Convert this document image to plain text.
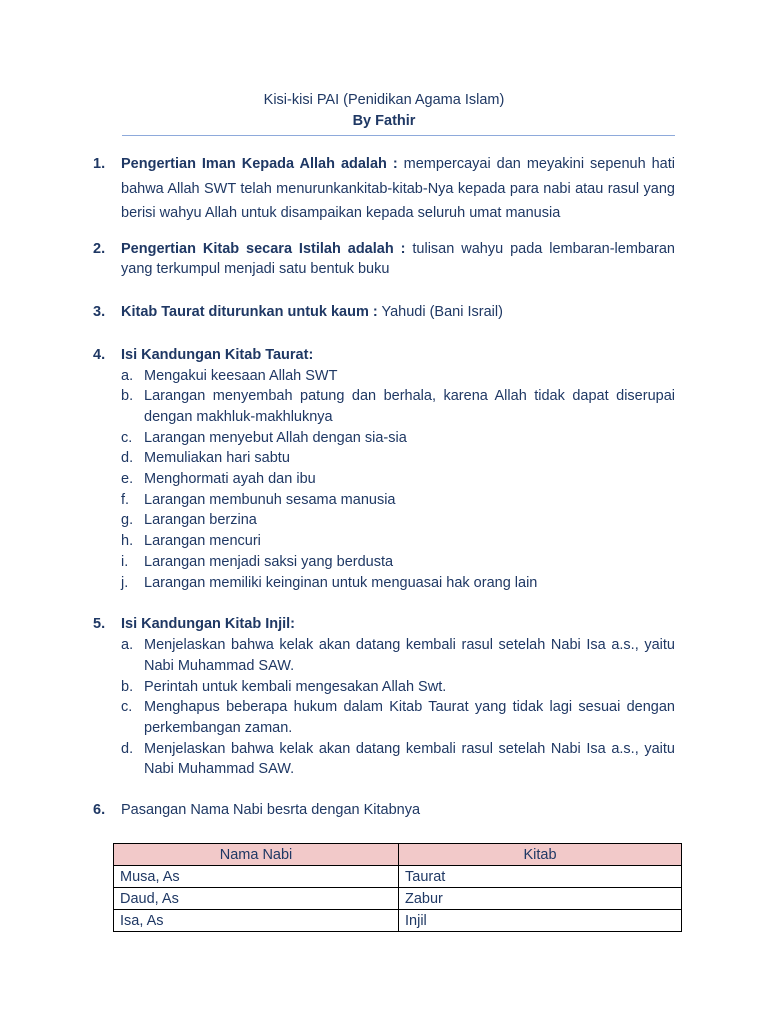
Kisi-kisi PAI (Penidikan Agama Islam)
By Fathir
1. Pengertian Iman Kepada Allah adalah : mempercayai dan meyakini sepenuh hati bahwa Allah SWT telah menurunkankitab-kitab-Nya kepada para nabi atau rasul yang berisi wahyu Allah untuk disampaikan kepada seluruh umat manusia
2. Pengertian Kitab secara Istilah adalah : tulisan wahyu pada lembaran-lembaran yang terkumpul menjadi satu bentuk buku
3. Kitab Taurat diturunkan untuk kaum : Yahudi (Bani Israil)
4. Isi Kandungan Kitab Taurat:
a. Mengakui keesaan Allah SWT
b. Larangan menyembah patung dan berhala, karena Allah tidak dapat diserupai dengan makhluk-makhluknya
c. Larangan menyebut Allah dengan sia-sia
d. Memuliakan hari sabtu
e. Menghormati ayah dan ibu
f. Larangan membunuh sesama manusia
g. Larangan berzina
h. Larangan mencuri
i. Larangan menjadi saksi yang berdusta
j. Larangan memiliki keinginan untuk menguasai hak orang lain
5. Isi Kandungan Kitab Injil:
a. Menjelaskan bahwa kelak akan datang kembali rasul setelah Nabi Isa a.s., yaitu Nabi Muhammad SAW.
b. Perintah untuk kembali mengesakan Allah Swt.
c. Menghapus beberapa hukum dalam Kitab Taurat yang tidak lagi sesuai dengan perkembangan zaman.
d. Menjelaskan bahwa kelak akan datang kembali rasul setelah Nabi Isa a.s., yaitu Nabi Muhammad SAW.
6. Pasangan Nama Nabi besrta dengan Kitabnya
Nama Nabi	Kitab
Musa, As	Taurat
Daud, As	Zabur
Isa, As	Injil
